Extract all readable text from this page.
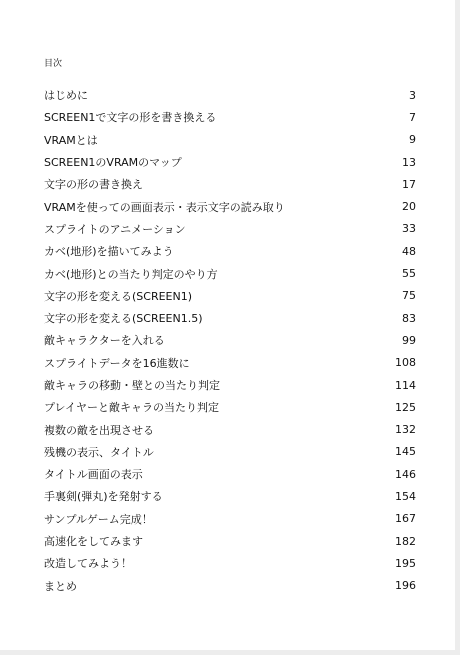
目次
はじめに	3
SCREEN1で文字の形を書き換える	7
VRAMとは	9
SCREEN1のVRAMのマップ	13
文字の形の書き換え	17
VRAMを使っての画面表示・表示文字の読み取り	20
スプライトのアニメーション	33
カベ(地形)を描いてみよう	48
カベ(地形)との当たり判定のやり方	55
文字の形を変える(SCREEN1)	75
文字の形を変える(SCREEN1.5)	83
敵キャラクターを入れる	99
スプライトデータを16進数に	108
敵キャラの移動・壁との当たり判定	114
プレイヤーと敵キャラの当たり判定	125
複数の敵を出現させる	132
残機の表示、タイトル	145
タイトル画面の表示	146
手裏剣(弾丸)を発射する	154
サンプルゲーム完成！	167
高速化をしてみます	182
改造してみよう！	195
まとめ	196
